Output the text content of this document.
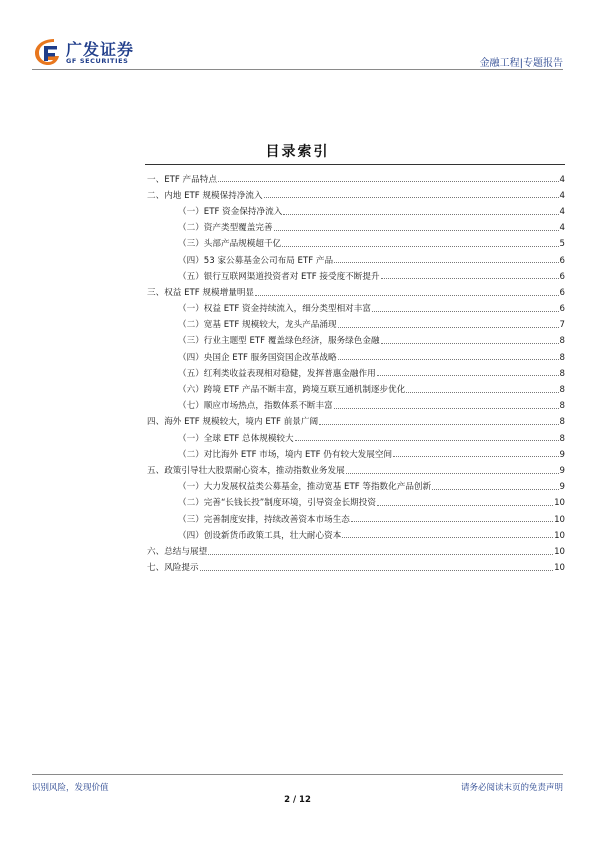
广发证券
GF SECURITIES	金融工程|专题报告
目录索引
一、ETF 产品特点	4
二、内地 ETF 规模保持净流入	4
（一）ETF 资金保持净流入	4
（二）资产类型覆盖完善	4
（三）头部产品规模超千亿	5
（四）53 家公募基金公司布局 ETF 产品	6
（五）银行互联网渠道投资者对 ETF 接受度不断提升	6
三、权益 ETF 规模增量明显	6
（一）权益 ETF 资金持续流入，细分类型相对丰富	6
（二）宽基 ETF 规模较大，龙头产品涌现	7
（三）行业主题型 ETF 覆盖绿色经济，服务绿色金融	8
（四）央国企 ETF 服务国资国企改革战略	8
（五）红利类收益表现相对稳健，发挥普惠金融作用	8
（六）跨境 ETF 产品不断丰富，跨境互联互通机制逐步优化	8
（七）顺应市场热点，指数体系不断丰富	8
四、海外 ETF 规模较大，境内 ETF 前景广阔	8
（一）全球 ETF 总体规模较大	8
（二）对比海外 ETF 市场，境内 ETF 仍有较大发展空间	9
五、政策引导壮大股票耐心资本，推动指数业务发展	9
（一）大力发展权益类公募基金，推动宽基 ETF 等指数化产品创新	9
（二）完善“长钱长投”制度环境，引导资金长期投资	10
（三）完善制度安排，持续改善资本市场生态	10
（四）创设新货币政策工具，壮大耐心资本	10
六、总结与展望	10
七、风险提示	10
识别风险，发现价值	请务必阅读末页的免责声明
2 / 12
